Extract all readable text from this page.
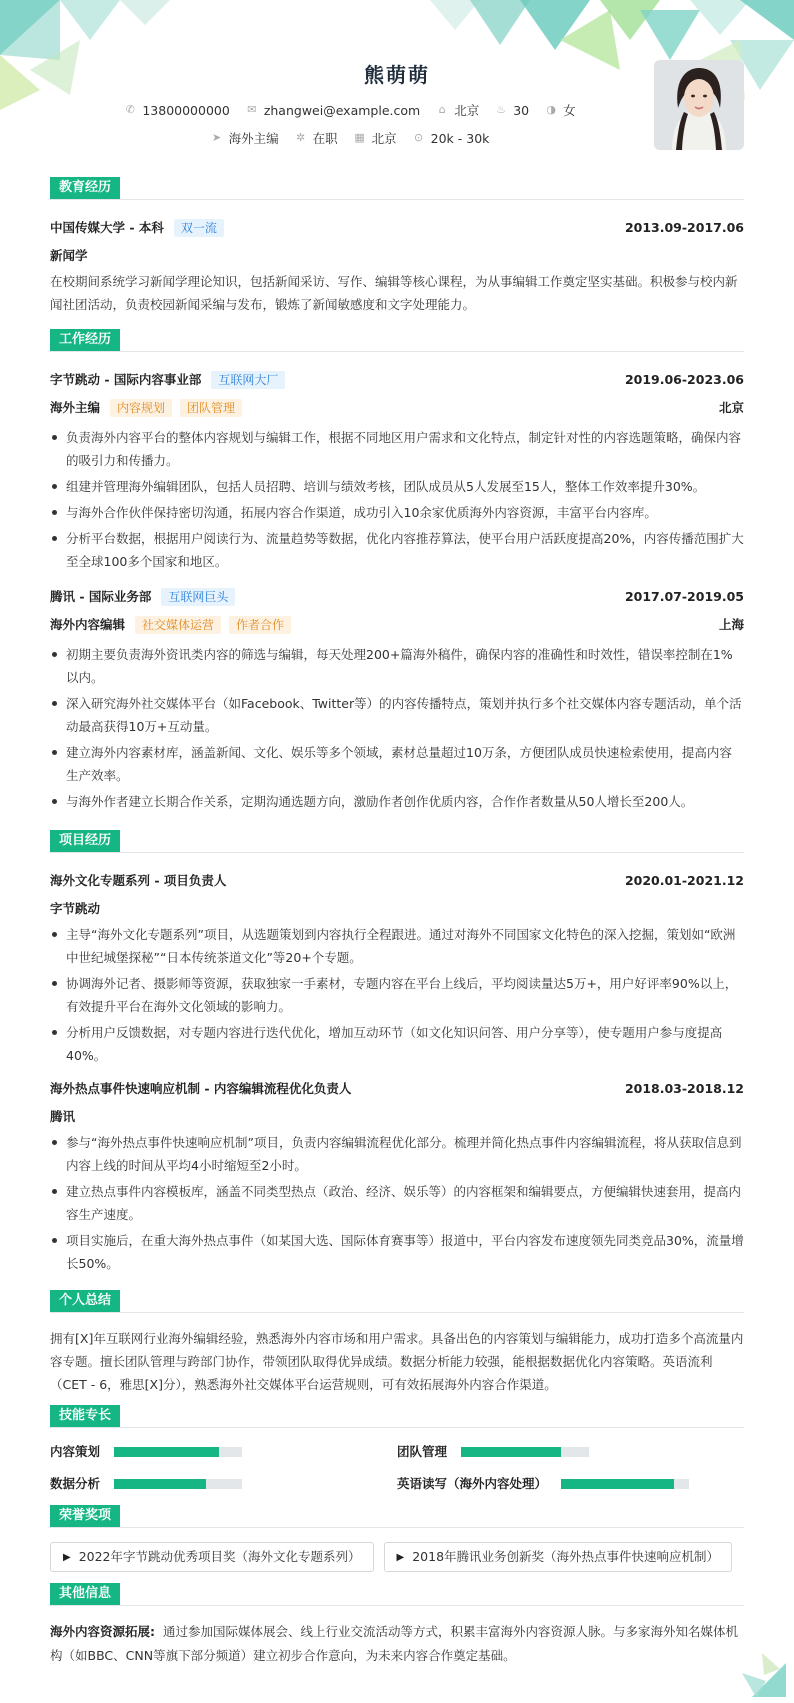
熊萌萌
✆ 13800000000 ✉ zhangwei@example.com ⌂ 北京 ♨ 30 ◑ 女
➤ 海外主编 ✲ 在职 ▦ 北京 ⊙ 20k - 30k
教育经历
中国传媒大学 - 本科	双一流	2013.09-2017.06
新闻学
在校期间系统学习新闻学理论知识，包括新闻采访、写作、编辑等核心课程，为从事编辑工作奠定坚实基础。积极参与校内新闻社团活动，负责校园新闻采编与发布，锻炼了新闻敏感度和文字处理能力。
工作经历
字节跳动 - 国际内容事业部	互联网大厂	2019.06-2023.06
海外主编	内容规划	团队管理	北京
负责海外内容平台的整体内容规划与编辑工作，根据不同地区用户需求和文化特点，制定针对性的内容选题策略，确保内容的吸引力和传播力。
组建并管理海外编辑团队，包括人员招聘、培训与绩效考核，团队成员从5人发展至15人，整体工作效率提升30%。
与海外合作伙伴保持密切沟通，拓展内容合作渠道，成功引入10余家优质海外内容资源，丰富平台内容库。
分析平台数据，根据用户阅读行为、流量趋势等数据，优化内容推荐算法，使平台用户活跃度提高20%，内容传播范围扩大至全球100多个国家和地区。
腾讯 - 国际业务部	互联网巨头	2017.07-2019.05
海外内容编辑	社交媒体运营	作者合作	上海
初期主要负责海外资讯类内容的筛选与编辑，每天处理200+篇海外稿件，确保内容的准确性和时效性，错误率控制在1%以内。
深入研究海外社交媒体平台（如Facebook、Twitter等）的内容传播特点，策划并执行多个社交媒体内容专题活动，单个活动最高获得10万+互动量。
建立海外内容素材库，涵盖新闻、文化、娱乐等多个领域，素材总量超过10万条，方便团队成员快速检索使用，提高内容生产效率。
与海外作者建立长期合作关系，定期沟通选题方向，激励作者创作优质内容，合作作者数量从50人增长至200人。
项目经历
海外文化专题系列 - 项目负责人	2020.01-2021.12
字节跳动
主导“海外文化专题系列”项目，从选题策划到内容执行全程跟进。通过对海外不同国家文化特色的深入挖掘，策划如“欧洲中世纪城堡探秘”“日本传统茶道文化”等20+个专题。
协调海外记者、摄影师等资源，获取独家一手素材，专题内容在平台上线后，平均阅读量达5万+，用户好评率90%以上，有效提升平台在海外文化领域的影响力。
分析用户反馈数据，对专题内容进行迭代优化，增加互动环节（如文化知识问答、用户分享等），使专题用户参与度提高40%。
海外热点事件快速响应机制 - 内容编辑流程优化负责人	2018.03-2018.12
腾讯
参与“海外热点事件快速响应机制”项目，负责内容编辑流程优化部分。梳理并简化热点事件内容编辑流程，将从获取信息到内容上线的时间从平均4小时缩短至2小时。
建立热点事件内容模板库，涵盖不同类型热点（政治、经济、娱乐等）的内容框架和编辑要点，方便编辑快速套用，提高内容生产速度。
项目实施后，在重大海外热点事件（如某国大选、国际体育赛事等）报道中，平台内容发布速度领先同类竞品30%，流量增长50%。
个人总结
拥有[X]年互联网行业海外编辑经验，熟悉海外内容市场和用户需求。具备出色的内容策划与编辑能力，成功打造多个高流量内容专题。擅长团队管理与跨部门协作，带领团队取得优异成绩。数据分析能力较强，能根据数据优化内容策略。英语流利（CET - 6，雅思[X]分），熟悉海外社交媒体平台运营规则，可有效拓展海外内容合作渠道。
技能专长
内容策划	团队管理
数据分析	英语读写（海外内容处理）
荣誉奖项
▶ 2022年字节跳动优秀项目奖（海外文化专题系列）	▶ 2018年腾讯业务创新奖（海外热点事件快速响应机制）
其他信息
海外内容资源拓展: 通过参加国际媒体展会、线上行业交流活动等方式，积累丰富海外内容资源人脉。与多家海外知名媒体机构（如BBC、CNN等旗下部分频道）建立初步合作意向，为未来内容合作奠定基础。
